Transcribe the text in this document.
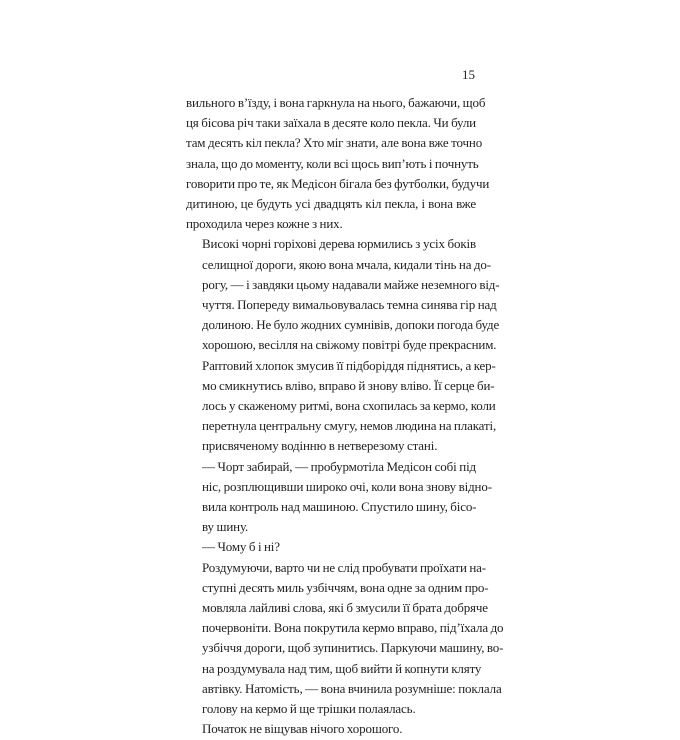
15

вильного в’їзду, і вона гаркнула на нього, бажаючи, щоб
ця бісова річ таки заїхала в десяте коло пекла. Чи були
там десять кіл пекла? Хто міг знати, але вона вже точно
знала, що до моменту, коли всі щось вип’ють і почнуть
говорити про те, як Медісон бігала без футболки, будучи
дитиною, це будуть усі двадцять кіл пекла, і вона вже
проходила через кожне з них.

Високі чорні горіхові дерева юрмились з усіх боків
селищної дороги, якою вона мчала, кидали тінь на до-
рогу, — і завдяки цьому надавали майже неземного від-
чуття. Попереду вимальовувалась темна синява гір над
долиною. Не було жодних сумнівів, допоки погода буде
хорошою, весілля на свіжому повітрі буде прекрасним.

Раптовий хлопок змусив її підборіддя піднятись, а кер-
мо смикнутись вліво, вправо й знову вліво. Її серце би-
лось у скаженому ритмі, вона схопилась за кермо, коли
перетнула центральну смугу, немов людина на плакаті,
присвяченому водінню в нетверезому стані.

— Чорт забирай, — пробурмотіла Медісон собі під
ніс, розплющивши широко очі, коли вона знову відно-
вила контроль над машиною. Спустило шину, бісо-
ву шину.

— Чому б і ні?

Роздумуючи, варто чи не слід пробувати проїхати на-
ступні десять миль узбіччям, вона одне за одним про-
мовляла лайливі слова, які б змусили її брата добряче
почервоніти. Вона покрутила кермо вправо, під’їхала до
узбіччя дороги, щоб зупинитись. Паркуючи машину, во-
на роздумувала над тим, щоб вийти й копнути кляту
автівку. Натомість, — вона вчинила розумніше: поклала
голову на кермо й ще трішки полаялась.

Початок не віщував нічого хорошого.
